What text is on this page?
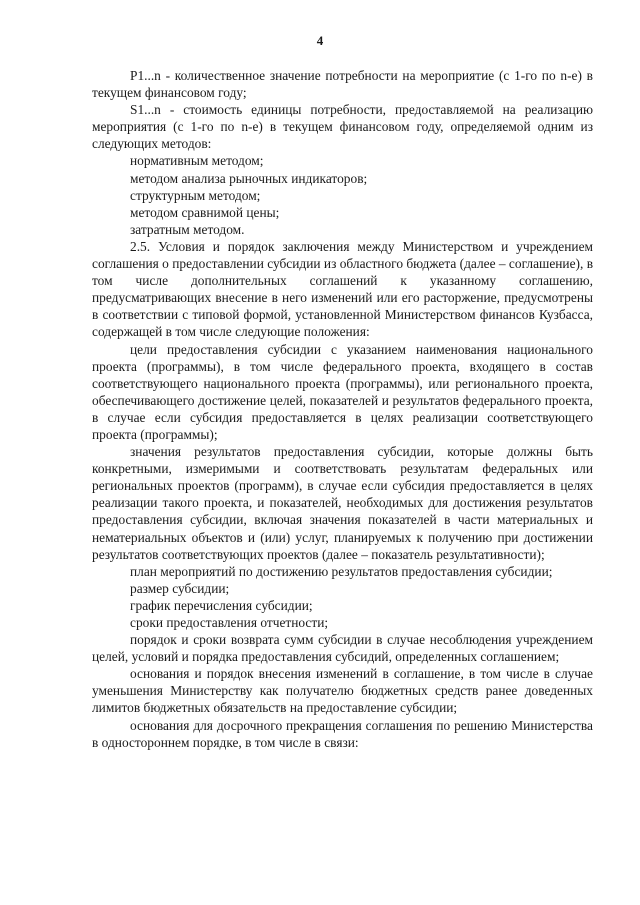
4

P1...n - количественное значение потребности на мероприятие (с 1-го по n-е) в текущем финансовом году;

S1...n - стоимость единицы потребности, предоставляемой на реализацию мероприятия (с 1-го по n-е) в текущем финансовом году, определяемой одним из следующих методов:

нормативным методом;

методом анализа рыночных индикаторов;

структурным методом;

методом сравнимой цены;

затратным методом.

2.5. Условия и порядок заключения между Министерством и учреждением соглашения о предоставлении субсидии из областного бюджета (далее – соглашение), в том числе дополнительных соглашений к указанному соглашению, предусматривающих внесение в него изменений или его расторжение, предусмотрены в соответствии с типовой формой, установленной Министерством финансов Кузбасса, содержащей в том числе следующие положения:

цели предоставления субсидии с указанием наименования национального проекта (программы), в том числе федерального проекта, входящего в состав соответствующего национального проекта (программы), или регионального проекта, обеспечивающего достижение целей, показателей и результатов федерального проекта, в случае если субсидия предоставляется в целях реализации соответствующего проекта (программы);

значения результатов предоставления субсидии, которые должны быть конкретными, измеримыми и соответствовать результатам федеральных или региональных проектов (программ), в случае если субсидия предоставляется в целях реализации такого проекта, и показателей, необходимых для достижения результатов предоставления субсидии, включая значения показателей в части материальных и нематериальных объектов и (или) услуг, планируемых к получению при достижении результатов соответствующих проектов (далее – показатель результативности);

план мероприятий по достижению результатов предоставления субсидии;

размер субсидии;

график перечисления субсидии;

сроки предоставления отчетности;

порядок и сроки возврата сумм субсидии в случае несоблюдения учреждением целей, условий и порядка предоставления субсидий, определенных соглашением;

основания и порядок внесения изменений в соглашение, в том числе в случае уменьшения Министерству как получателю бюджетных средств ранее доведенных лимитов бюджетных обязательств на предоставление субсидии;

основания для досрочного прекращения соглашения по решению Министерства в одностороннем порядке, в том числе в связи:
